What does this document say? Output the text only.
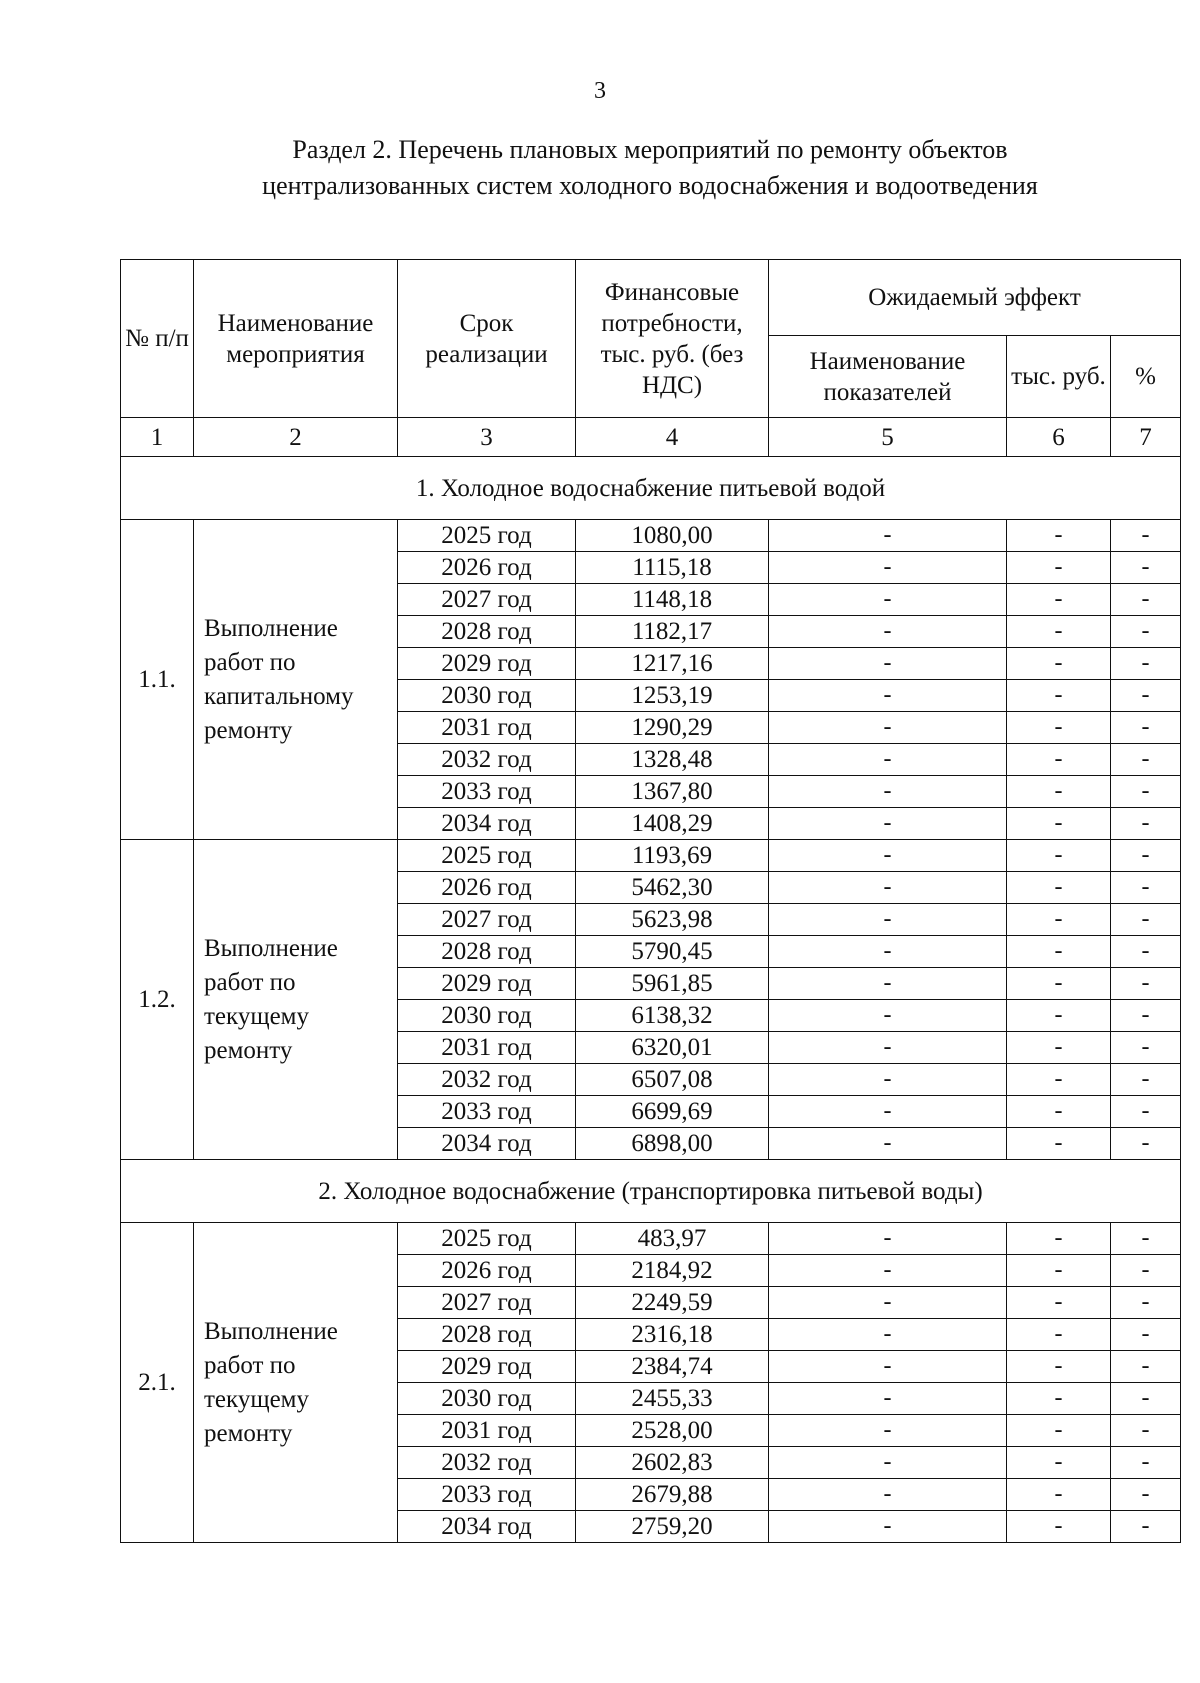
3
Раздел 2. Перечень плановых мероприятий по ремонту объектов
централизованных систем холодного водоснабжения и водоотведения
№ п/п	Наименование мероприятия	Срок реализации	Финансовые потребности, тыс. руб. (без НДС)	Ожидаемый эффект		
				Наименование показателей	тыс. руб.	%
1	2	3	4	5	6	7
1. Холодное водоснабжение питьевой водой						
1.1.	Выполнение работ по капитальному ремонту	2025 год	1080,00	-	-	-
		2026 год	1115,18	-	-	-
		2027 год	1148,18	-	-	-
		2028 год	1182,17	-	-	-
		2029 год	1217,16	-	-	-
		2030 год	1253,19	-	-	-
		2031 год	1290,29	-	-	-
		2032 год	1328,48	-	-	-
		2033 год	1367,80	-	-	-
		2034 год	1408,29	-	-	-
1.2.	Выполнение работ по текущему ремонту	2025 год	1193,69	-	-	-
		2026 год	5462,30	-	-	-
		2027 год	5623,98	-	-	-
		2028 год	5790,45	-	-	-
		2029 год	5961,85	-	-	-
		2030 год	6138,32	-	-	-
		2031 год	6320,01	-	-	-
		2032 год	6507,08	-	-	-
		2033 год	6699,69	-	-	-
		2034 год	6898,00	-	-	-
2. Холодное водоснабжение (транспортировка питьевой воды)						
2.1.	Выполнение работ по текущему ремонту	2025 год	483,97	-	-	-
		2026 год	2184,92	-	-	-
		2027 год	2249,59	-	-	-
		2028 год	2316,18	-	-	-
		2029 год	2384,74	-	-	-
		2030 год	2455,33	-	-	-
		2031 год	2528,00	-	-	-
		2032 год	2602,83	-	-	-
		2033 год	2679,88	-	-	-
		2034 год	2759,20	-	-	-
